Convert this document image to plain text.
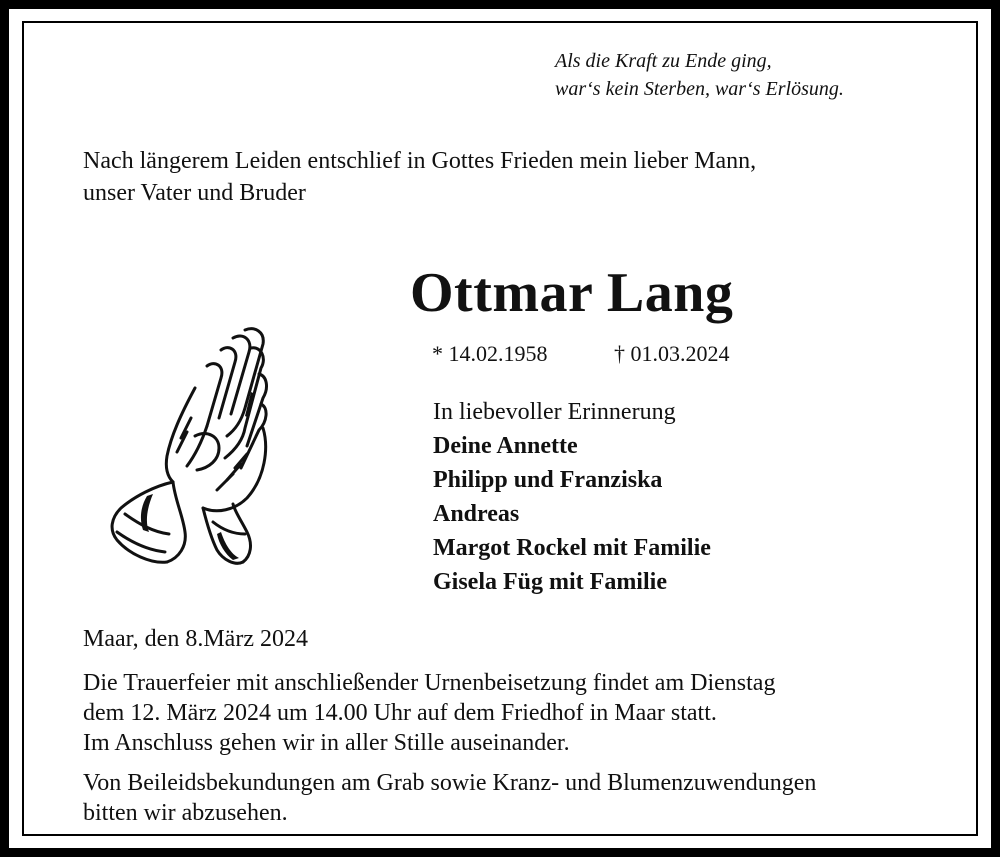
Als die Kraft zu Ende ging,
war‘s kein Sterben, war‘s Erlösung.
Nach längerem Leiden entschlief in Gottes Frieden mein lieber Mann,
unser Vater und Bruder
Ottmar Lang
* 14.02.1958	† 01.03.2024
In liebevoller Erinnerung
Deine Annette
Philipp und Franziska
Andreas
Margot Rockel mit Familie
Gisela Füg mit Familie
Maar, den 8.März 2024
Die Trauerfeier mit anschließender Urnenbeisetzung findet am Dienstag
dem 12. März 2024 um 14.00 Uhr auf dem Friedhof in Maar statt.
Im Anschluss gehen wir in aller Stille auseinander.
Von Beileidsbekundungen am Grab sowie Kranz- und Blumenzuwendungen
bitten wir abzusehen.
